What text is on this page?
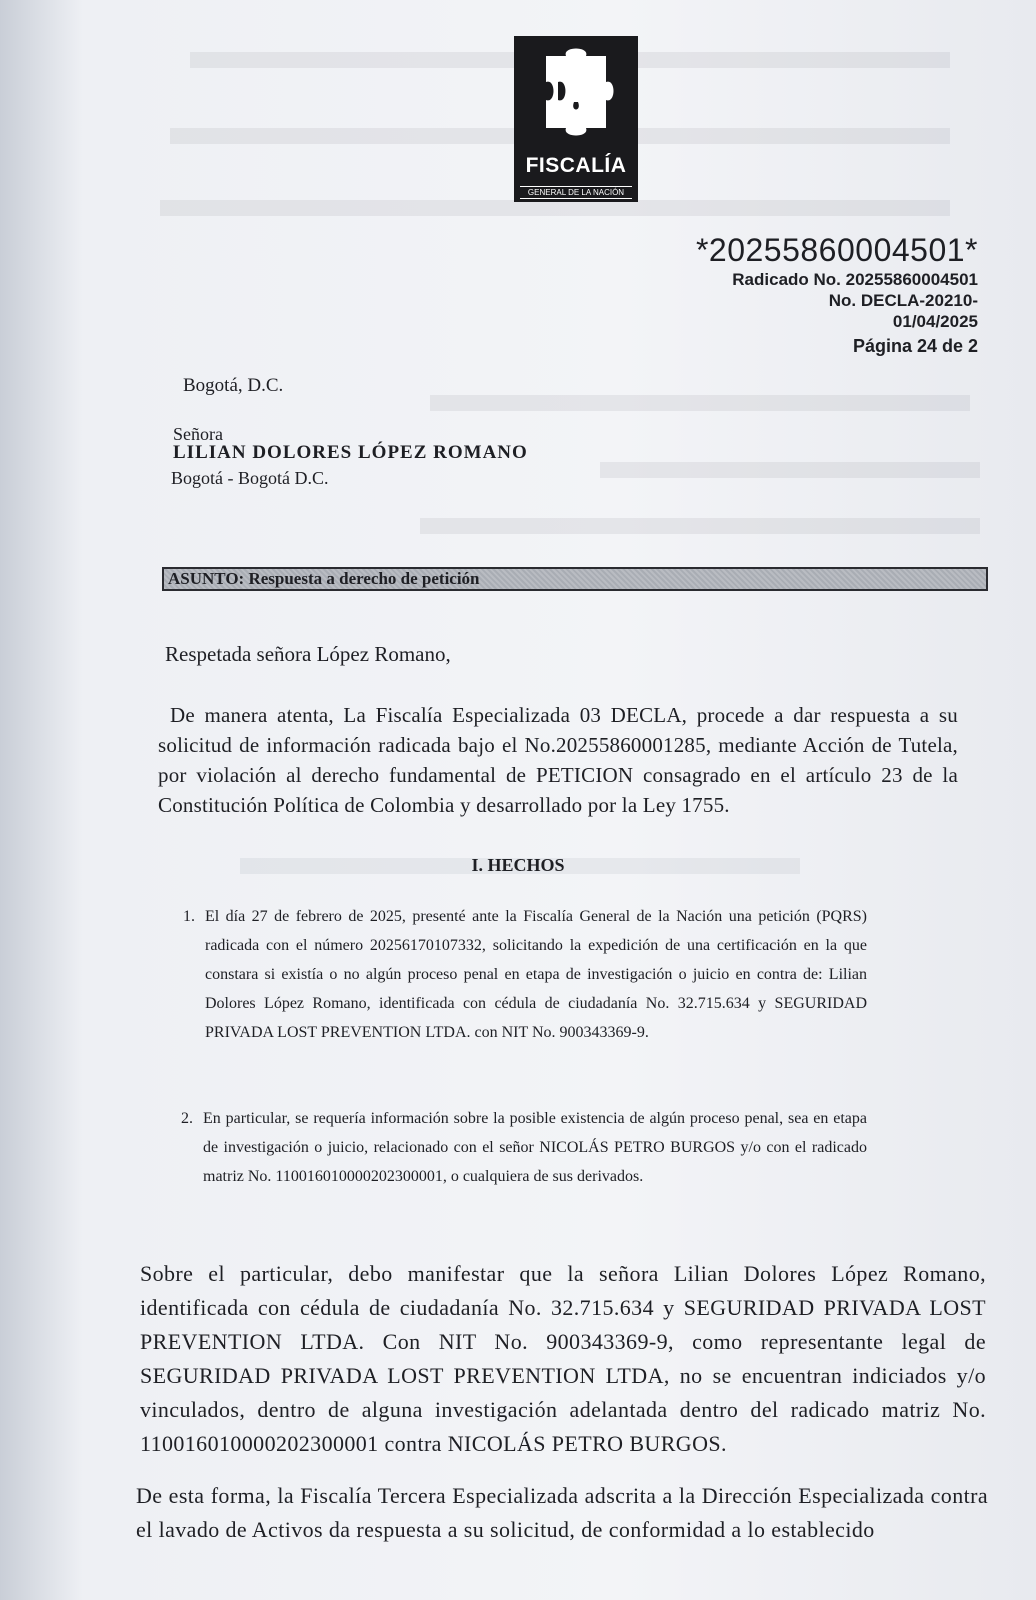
FISCALÍA
GENERAL DE LA NACIÓN
*20255860004501*
Radicado No. 20255860004501
No. DECLA-20210-
01/04/2025
Página 24 de 2
Bogotá, D.C.
Señora
LILIAN DOLORES LÓPEZ ROMANO
Bogotá - Bogotá D.C.
ASUNTO: Respuesta a derecho de petición
Respetada señora López Romano,
De manera atenta, La Fiscalía Especializada 03 DECLA, procede a dar respuesta a su solicitud de información radicada bajo el No.20255860001285, mediante Acción de Tutela, por violación al derecho fundamental de PETICION consagrado en el artículo 23 de la Constitución Política de Colombia y desarrollado por la Ley 1755.
I. HECHOS
1. El día 27 de febrero de 2025, presenté ante la Fiscalía General de la Nación una petición (PQRS) radicada con el número 20256170107332, solicitando la expedición de una certificación en la que constara si existía o no algún proceso penal en etapa de investigación o juicio en contra de: Lilian Dolores López Romano, identificada con cédula de ciudadanía No. 32.715.634 y SEGURIDAD PRIVADA LOST PREVENTION LTDA. con NIT No. 900343369-9.
2. En particular, se requería información sobre la posible existencia de algún proceso penal, sea en etapa de investigación o juicio, relacionado con el señor NICOLÁS PETRO BURGOS y/o con el radicado matriz No. 11001601000020230000​1, o cualquiera de sus derivados.
Sobre el particular, debo manifestar que la señora Lilian Dolores López Romano, identificada con cédula de ciudadanía No. 32.715.634 y SEGURIDAD PRIVADA LOST PREVENTION LTDA. Con NIT No. 900343369-9, como representante legal de SEGURIDAD PRIVADA LOST PREVENTION LTDA, no se encuentran indiciados y/o vinculados, dentro de alguna investigación adelantada dentro del radicado matriz No. 110016010000202300001 contra NICOLÁS PETRO BURGOS.
De esta forma, la Fiscalía Tercera Especializada adscrita a la Dirección Especializada contra el lavado de Activos da respuesta a su solicitud, de conformidad a lo establecido
